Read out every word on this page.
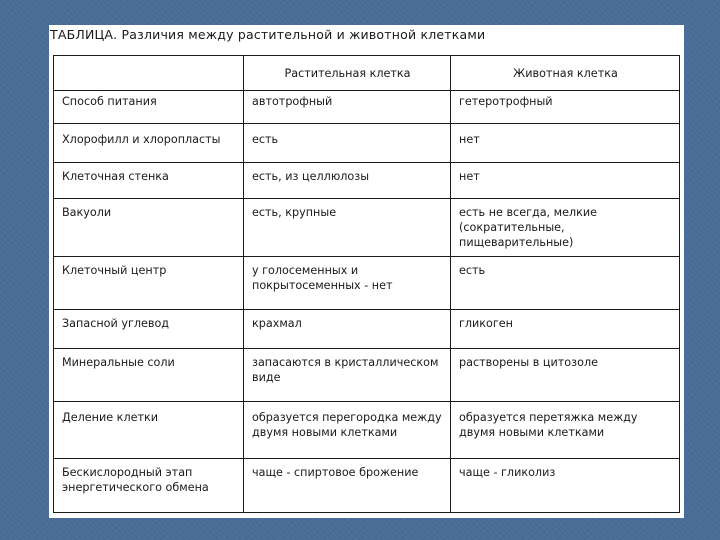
ТАБЛИЦА. Различия между растительной и животной клетками
	Растительная клетка	Животная клетка
Способ питания	автотрофный	гетеротрофный
Хлорофилл и хлоропласты	есть	нет
Клеточная стенка	есть, из целлюлозы	нет
Вакуоли	есть, крупные	есть не всегда, мелкие (сократительные, пищеварительные)
Клеточный центр	у голосеменных и покрытосеменных - нет	есть
Запасной углевод	крахмал	гликоген
Минеральные соли	запасаются в кристаллическом виде	растворены в цитозоле
Деление клетки	образуется перегородка между двумя новыми клетками	образуется перетяжка между двумя новыми клетками
Бескислородный этап энергетического обмена	чаще - спиртовое брожение	чаще - гликолиз
